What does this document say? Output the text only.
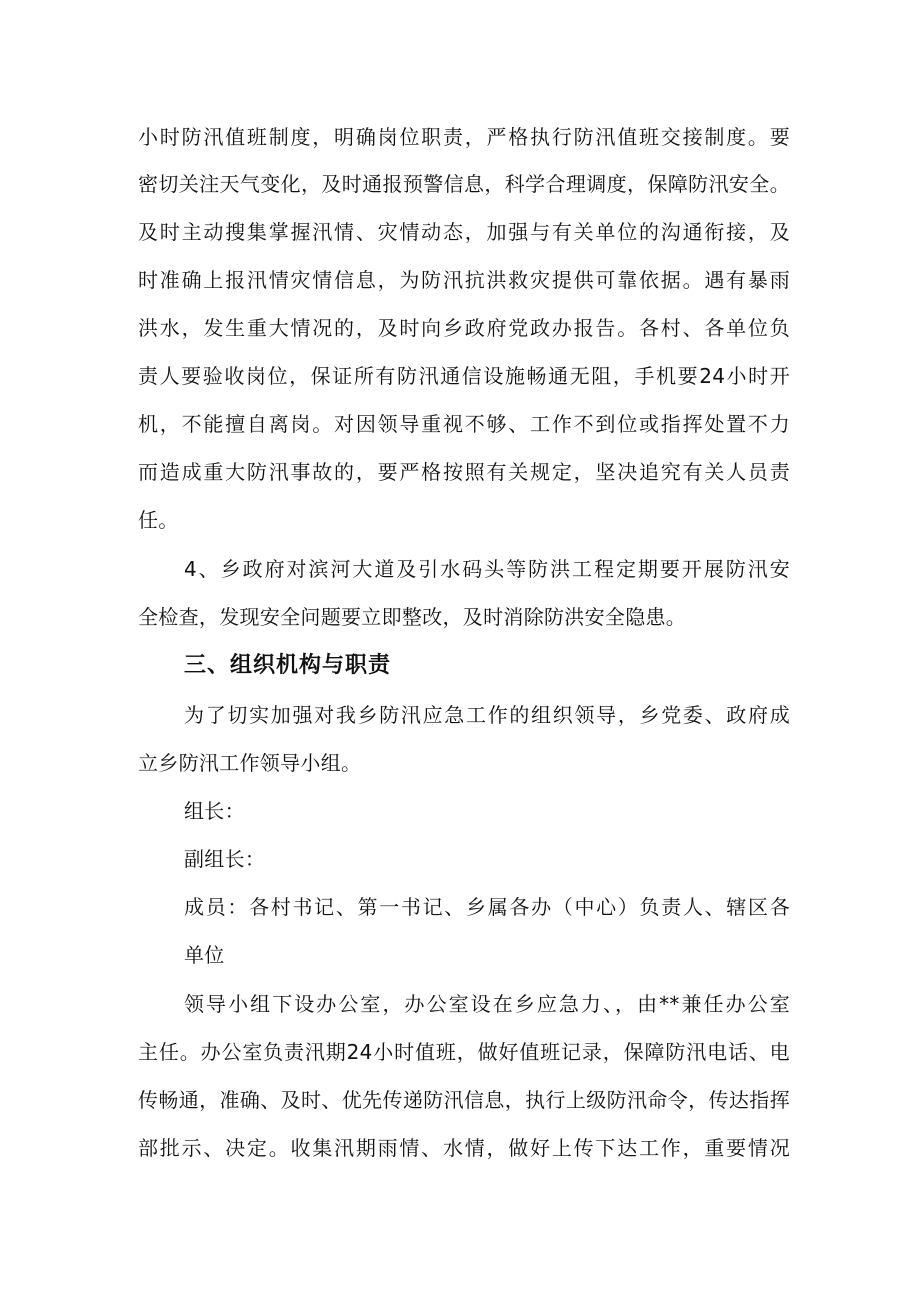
小时防汛值班制度，明确岗位职责，严格执行防汛值班交接制度。要
密切关注天气变化，及时通报预警信息，科学合理调度，保障防汛安全。
及时主动搜集掌握汛情、灾情动态，加强与有关单位的沟通衔接，及
时准确上报汛情灾情信息，为防汛抗洪救灾提供可靠依据。遇有暴雨
洪水，发生重大情况的，及时向乡政府党政办报告。各村、各单位负
责人要验收岗位，保证所有防汛通信设施畅通无阻，手机要24小时开
机，不能擅自离岗。对因领导重视不够、工作不到位或指挥处置不力
而造成重大防汛事故的，要严格按照有关规定，坚决追究有关人员责
任。
4、乡政府对滨河大道及引水码头等防洪工程定期要开展防汛安
全检查，发现安全问题要立即整改，及时消除防洪安全隐患。
三、组织机构与职责
为了切实加强对我乡防汛应急工作的组织领导，乡党委、政府成
立乡防汛工作领导小组。
组长：
副组长：
成员：各村书记、第一书记、乡属各办（中心）负责人、辖区各
单位
领导小组下设办公室，办公室设在乡应急力、，由**兼任办公室
主任。办公室负责汛期24小时值班，做好值班记录，保障防汛电话、电
传畅通，准确、及时、优先传递防汛信息，执行上级防汛命令，传达指挥
部批示、决定。收集汛期雨情、水情，做好上传下达工作，重要情况
